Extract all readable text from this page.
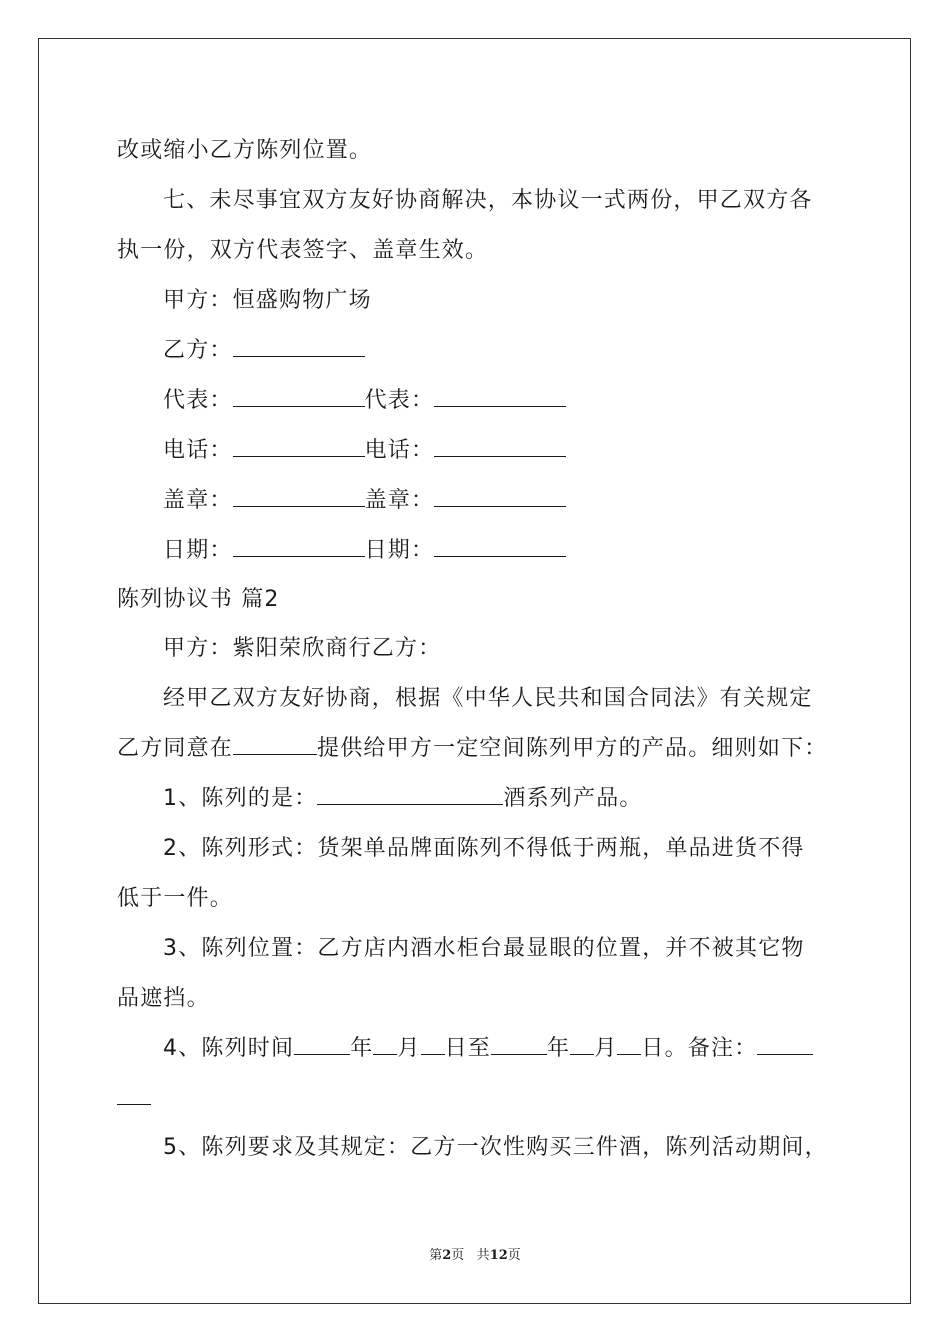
改或缩小乙方陈列位置。
七、未尽事宜双方友好协商解决，本协议一式两份，甲乙双方各
执一份，双方代表签字、盖章生效。
甲方：恒盛购物广场
乙方：
代表：	代表：
电话：	电话：
盖章：	盖章：
日期：	日期：
陈列协议书 篇2
甲方：紫阳荣欣商行乙方：
经甲乙双方友好协商，根据《中华人民共和国合同法》有关规定
乙方同意在	提供给甲方一定空间陈列甲方的产品。细则如下：
1、陈列的是：	酒系列产品。
2、陈列形式：货架单品牌面陈列不得低于两瓶，单品进货不得
低于一件。
3、陈列位置：乙方店内酒水柜台最显眼的位置，并不被其它物
品遮挡。
4、陈列时间	年 月 日至	年 月 日。备注：
5、陈列要求及其规定：乙方一次性购买三件酒，陈列活动期间，
第2页 共12页
